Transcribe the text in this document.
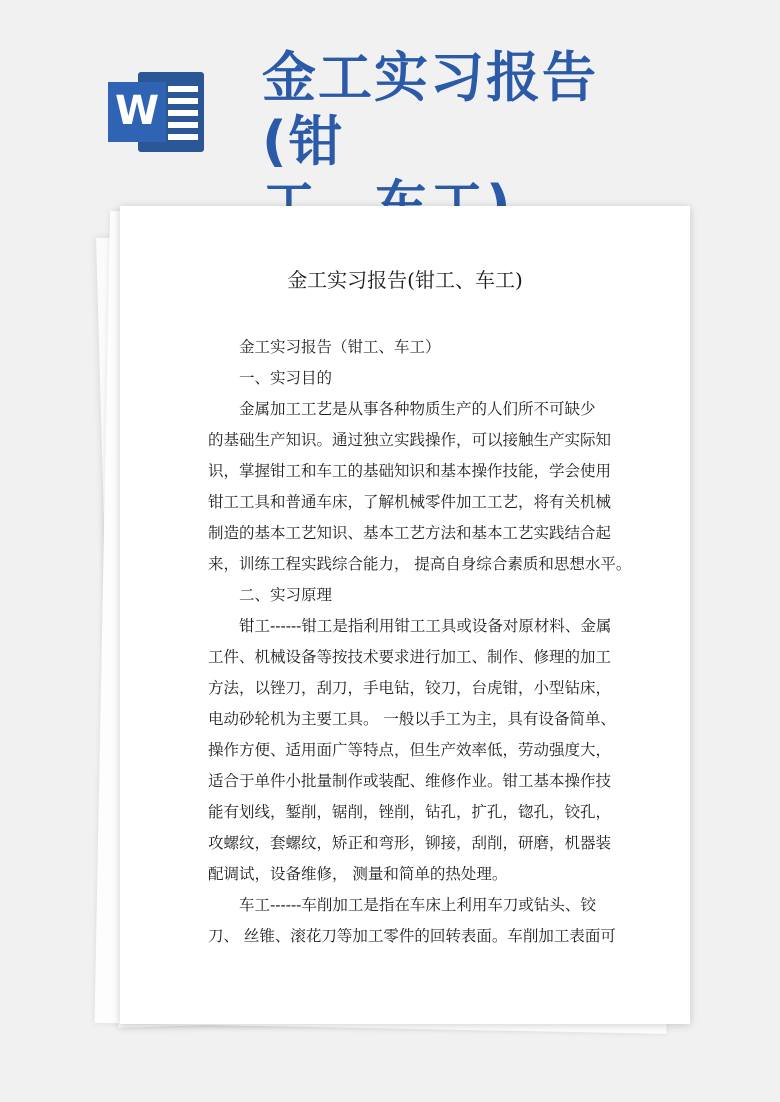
W
金工实习报告(钳
金工实习报告(钳工、车工)
金工实习报告（钳工、车工）
一、实习目的
金属加工工艺是从事各种物质生产的人们所不可缺少
的基础生产知识。通过独立实践操作，可以接触生产实际知
识，掌握钳工和车工的基础知识和基本操作技能，学会使用
钳工工具和普通车床，了解机械零件加工工艺，将有关机械
制造的基本工艺知识、基本工艺方法和基本工艺实践结合起
来，训练工程实践综合能力， 提高自身综合素质和思想水平。
二、实习原理
钳工------钳工是指利用钳工工具或设备对原材料、金属
工件、机械设备等按技术要求进行加工、制作、修理的加工
方法，以锉刀，刮刀，手电钻，铰刀，台虎钳，小型钻床，
电动砂轮机为主要工具。 一般以手工为主，具有设备简单、
操作方便、适用面广等特点，但生产效率低，劳动强度大，
适合于单件小批量制作或装配、维修作业。钳工基本操作技
能有划线，錾削，锯削，锉削，钻孔，扩孔，锪孔，铰孔，
攻螺纹，套螺纹，矫正和弯形，铆接，刮削，研磨，机器装
配调试，设备维修， 测量和简单的热处理。
车工------车削加工是指在车床上利用车刀或钻头、铰
刀、 丝锥、滚花刀等加工零件的回转表面。车削加工表面可
